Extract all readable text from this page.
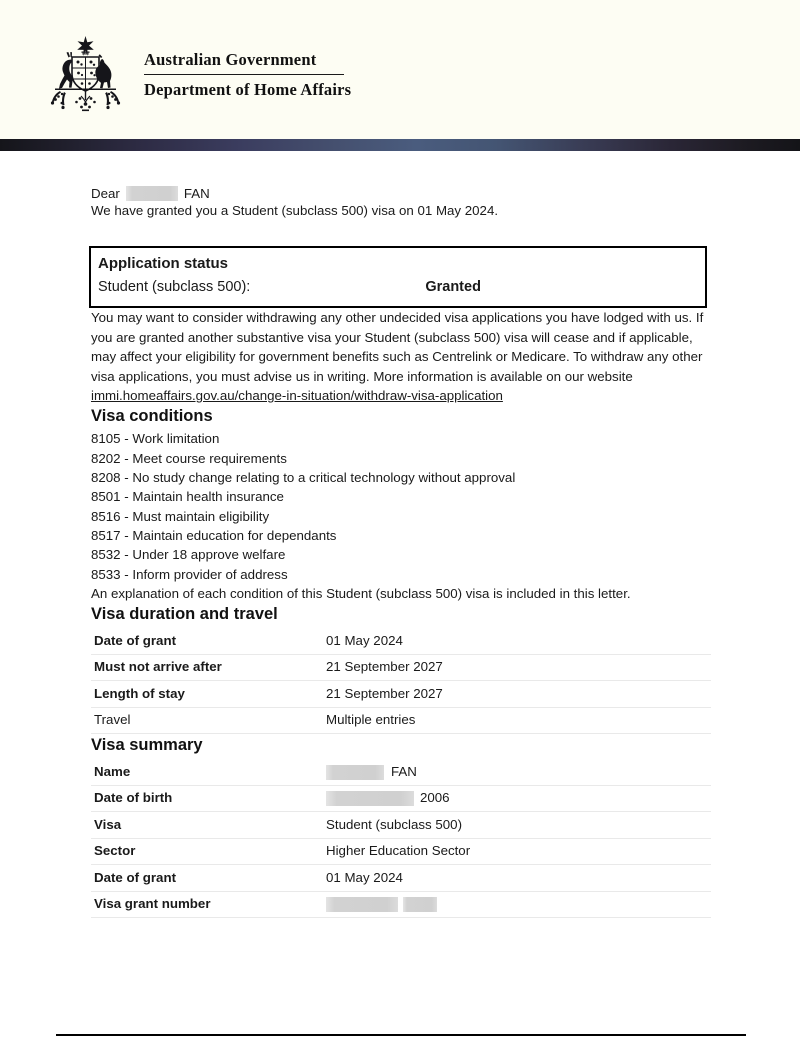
Australian Government
Department of Home Affairs
Dear	FAN

We have granted you a Student (subclass 500) visa on 01 May 2024.

Application status
Student (subclass 500):	Granted

You may want to consider withdrawing any other undecided visa applications you have lodged with us. If you are granted another substantive visa your Student (subclass 500) visa will cease and if applicable, may affect your eligibility for government benefits such as Centrelink or Medicare. To withdraw any other visa applications, you must advise us in writing. More information is available on our website immi.homeaffairs.gov.au/change-in-situation/withdraw-visa-application

Visa conditions
8105 - Work limitation
8202 - Meet course requirements
8208 - No study change relating to a critical technology without approval
8501 - Maintain health insurance
8516 - Must maintain eligibility
8517 - Maintain education for dependants
8532 - Under 18 approve welfare
8533 - Inform provider of address

An explanation of each condition of this Student (subclass 500) visa is included in this letter.

Visa duration and travel
Date of grant	01 May 2024
Must not arrive after	21 September 2027
Length of stay	21 September 2027
Travel	Multiple entries
Visa summary
Name	FAN
Date of birth	2006
Visa	Student (subclass 500)
Sector	Higher Education Sector
Date of grant	01 May 2024
Visa grant number	
